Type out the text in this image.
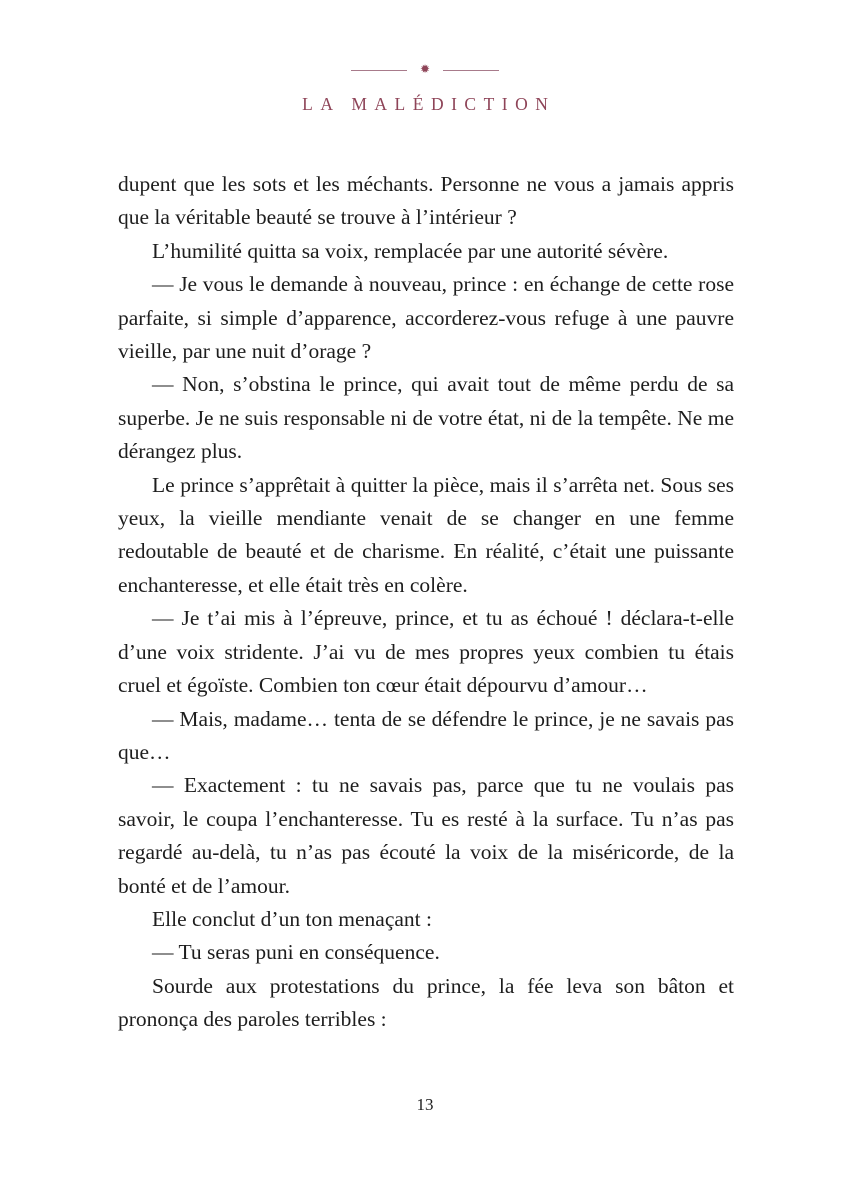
✹
LA MALÉDICTION

dupent que les sots et les méchants. Personne ne vous a jamais appris que la véritable beauté se trouve à l’intérieur ?

L’humilité quitta sa voix, remplacée par une autorité sévère.

— Je vous le demande à nouveau, prince : en échange de cette rose parfaite, si simple d’apparence, accorderez-vous refuge à une pauvre vieille, par une nuit d’orage ?

— Non, s’obstina le prince, qui avait tout de même perdu de sa superbe. Je ne suis responsable ni de votre état, ni de la tempête. Ne me dérangez plus.

Le prince s’apprêtait à quitter la pièce, mais il s’arrêta net. Sous ses yeux, la vieille mendiante venait de se changer en une femme redoutable de beauté et de charisme. En réalité, c’était une puissante enchanteresse, et elle était très en colère.

— Je t’ai mis à l’épreuve, prince, et tu as échoué ! déclara-t-elle d’une voix stridente. J’ai vu de mes propres yeux combien tu étais cruel et égoïste. Combien ton cœur était dépourvu d’amour…

— Mais, madame… tenta de se défendre le prince, je ne savais pas que…

— Exactement : tu ne savais pas, parce que tu ne voulais pas savoir, le coupa l’enchanteresse. Tu es resté à la surface. Tu n’as pas regardé au-delà, tu n’as pas écouté la voix de la miséricorde, de la bonté et de l’amour.

Elle conclut d’un ton menaçant :

— Tu seras puni en conséquence.

Sourde aux protestations du prince, la fée leva son bâton et prononça des paroles terribles :

13
